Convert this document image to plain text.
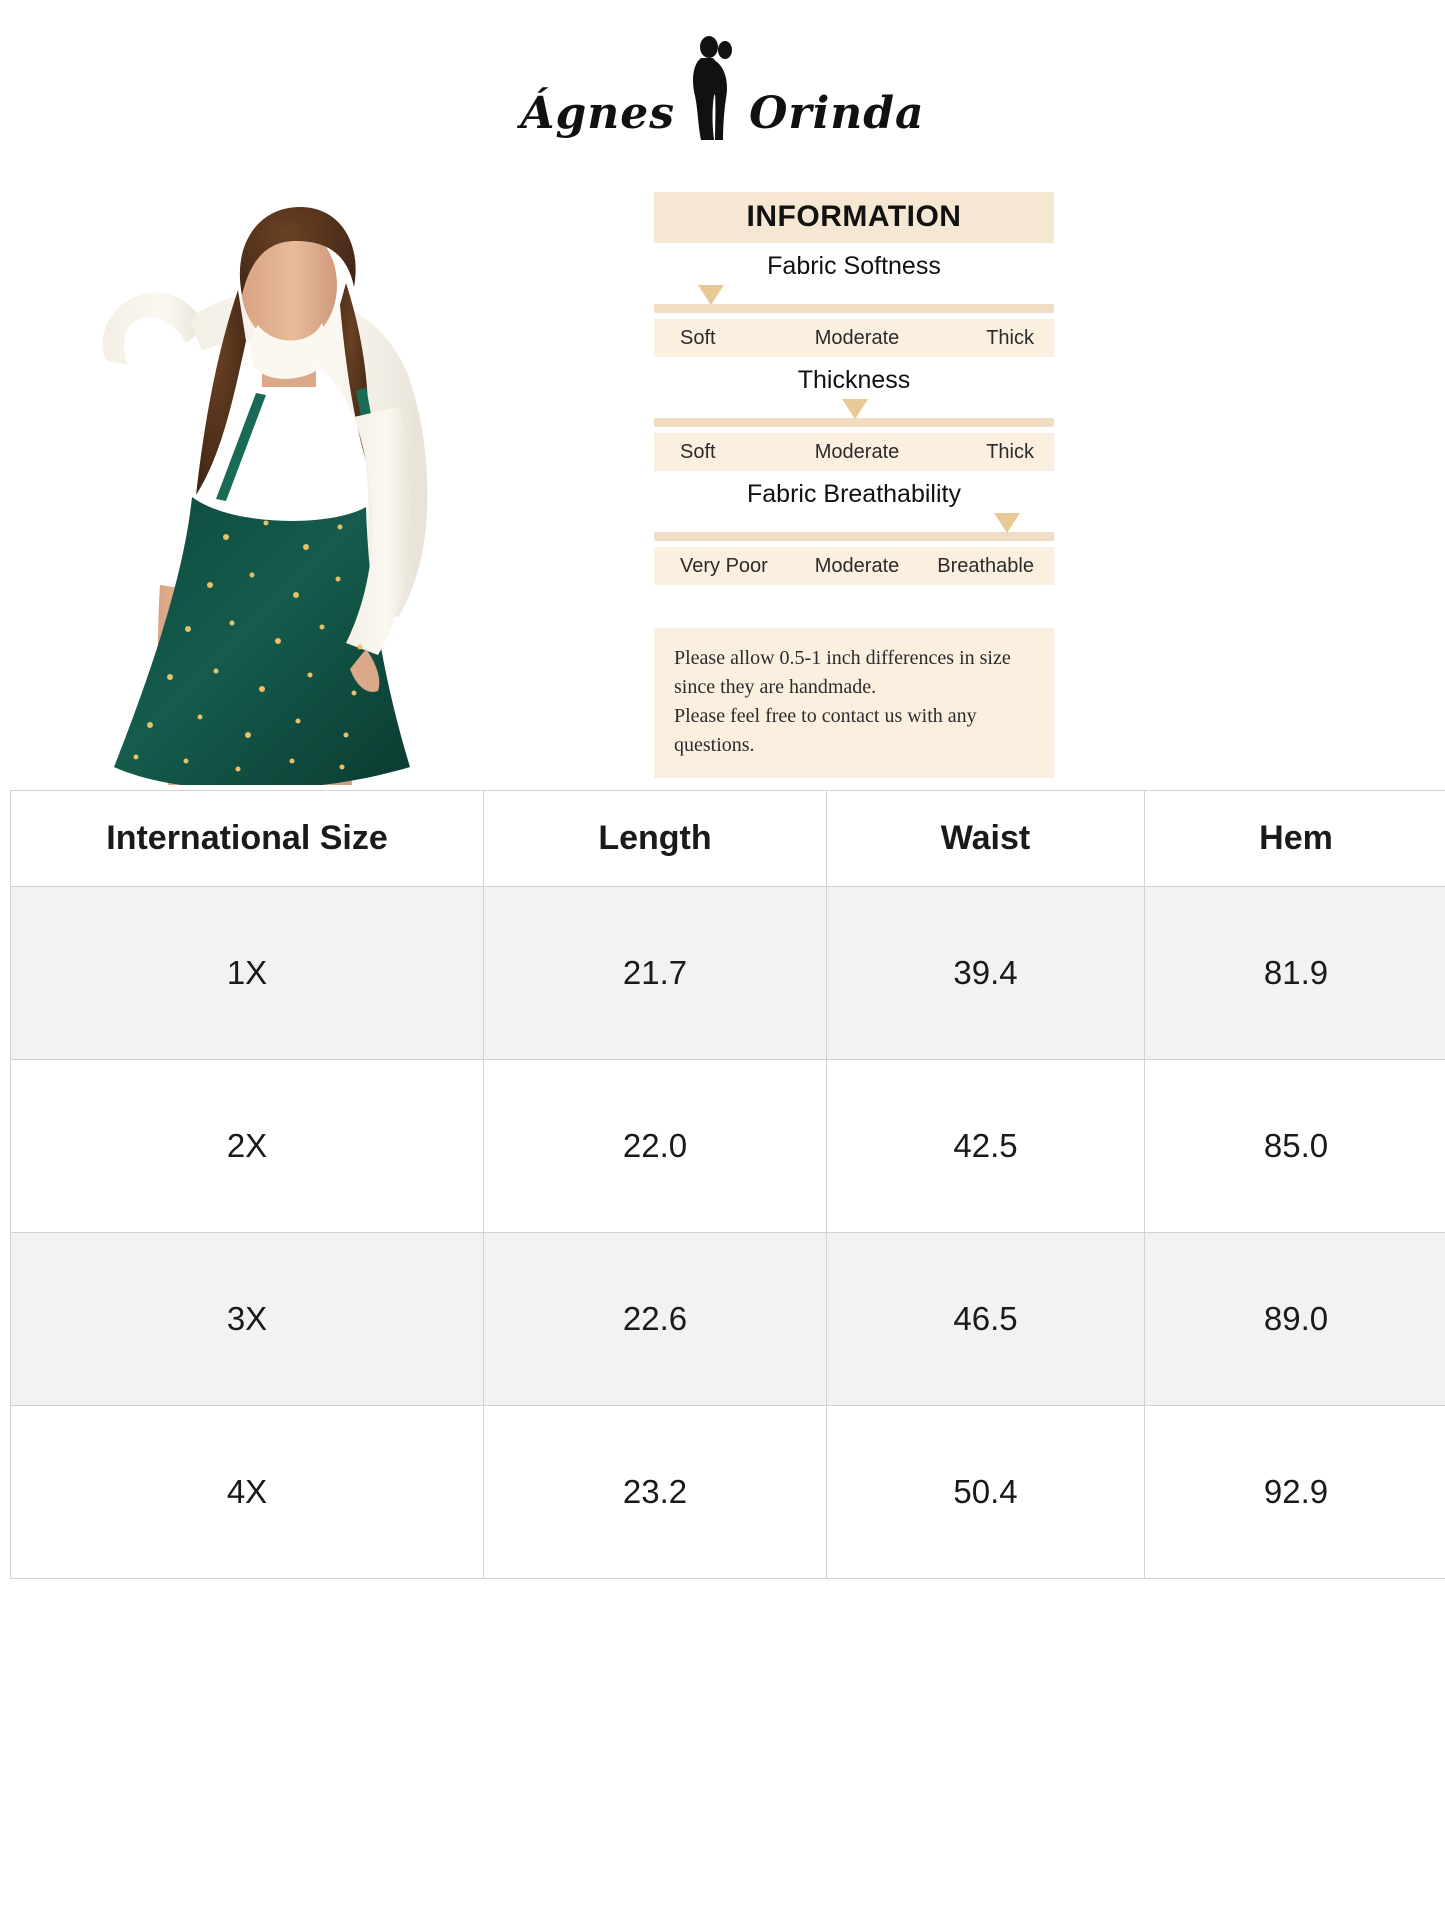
Ágnes Orinda
INFORMATION
Fabric Softness
Soft	Moderate	Thick
Thickness
Soft	Moderate	Thick
Fabric Breathability
Very Poor	Moderate	Breathable

Please allow 0.5-1 inch differences in size

since they are handmade.

Please feel free to contact us with any questions.

International Size	Length	Waist	Hem
1X	21.7	39.4	81.9
2X	22.0	42.5	85.0
3X	22.6	46.5	89.0
4X	23.2	50.4	92.9
